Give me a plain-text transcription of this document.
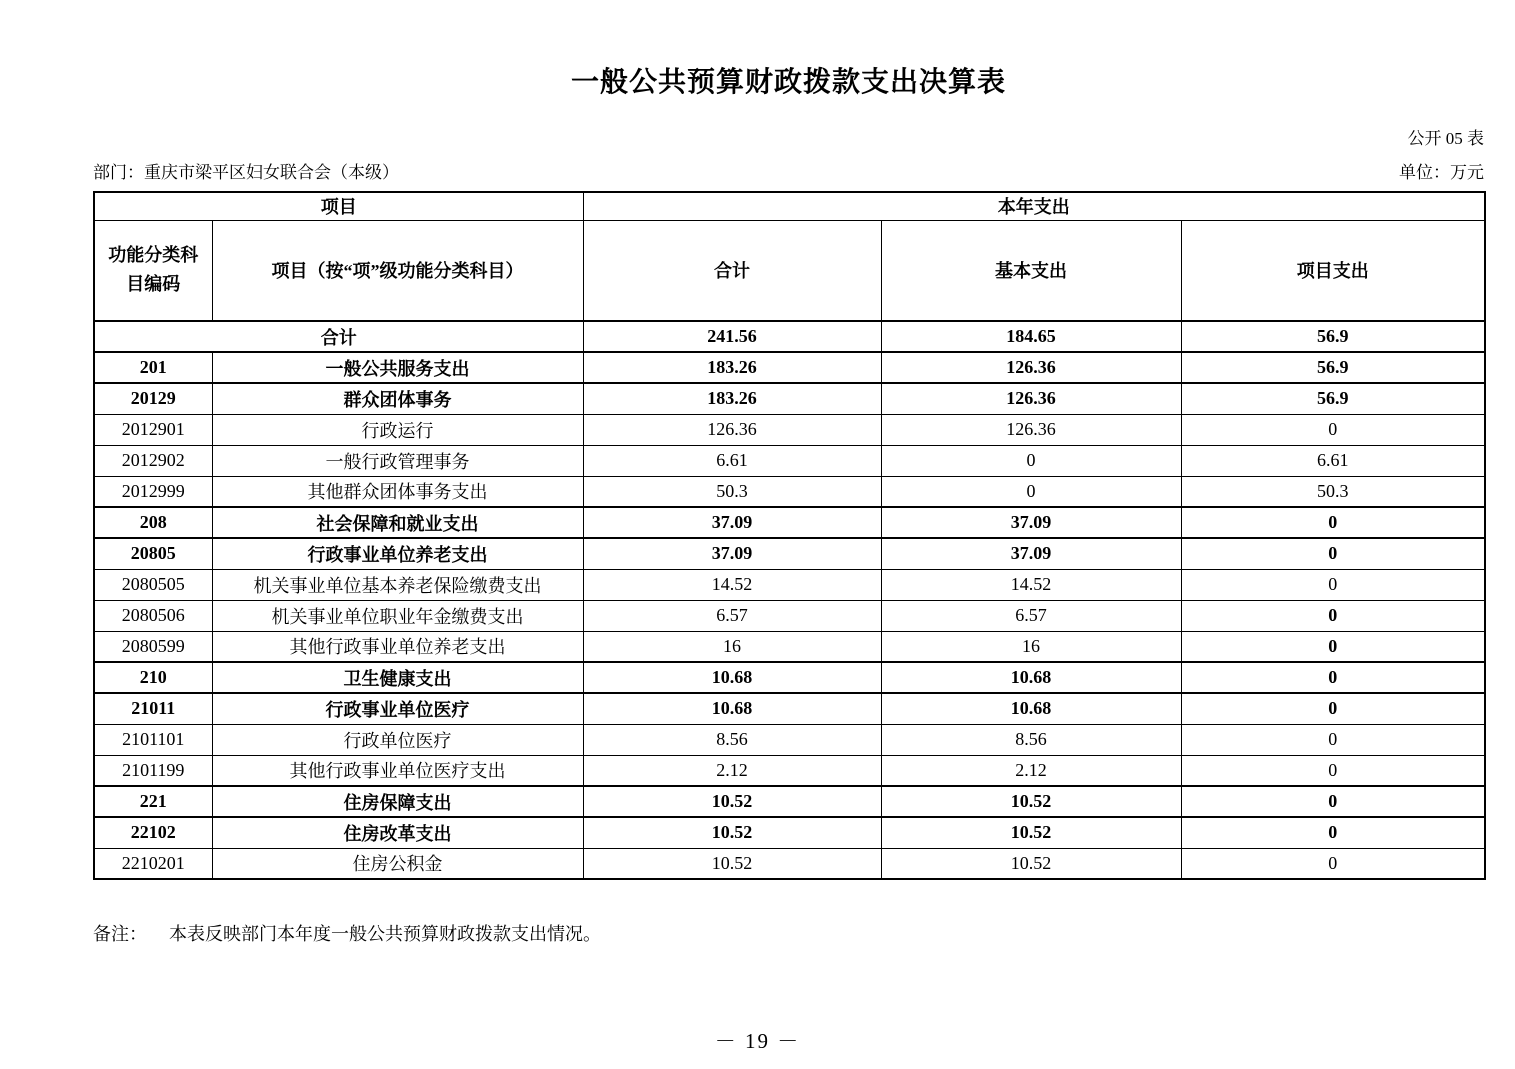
一般公共预算财政拨款支出决算表
公开 05 表
部门：重庆市梁平区妇女联合会（本级）	单位：万元
项目		本年支出		
功能分类科目编码	项目（按“项”级功能分类科目）	合计	基本支出	项目支出
合计		241.56	184.65	56.9
201	一般公共服务支出	183.26	126.36	56.9
20129	群众团体事务	183.26	126.36	56.9
2012901	行政运行	126.36	126.36	0
2012902	一般行政管理事务	6.61	0	6.61
2012999	其他群众团体事务支出	50.3	0	50.3
208	社会保障和就业支出	37.09	37.09	0
20805	行政事业单位养老支出	37.09	37.09	0
2080505	机关事业单位基本养老保险缴费支出	14.52	14.52	0
2080506	机关事业单位职业年金缴费支出	6.57	6.57	0
2080599	其他行政事业单位养老支出	16	16	0
210	卫生健康支出	10.68	10.68	0
21011	行政事业单位医疗	10.68	10.68	0
2101101	行政单位医疗	8.56	8.56	0
2101199	其他行政事业单位医疗支出	2.12	2.12	0
221	住房保障支出	10.52	10.52	0
22102	住房改革支出	10.52	10.52	0
2210201	住房公积金	10.52	10.52	0
备注： 本表反映部门本年度一般公共预算财政拨款支出情况。
－ 19 －
